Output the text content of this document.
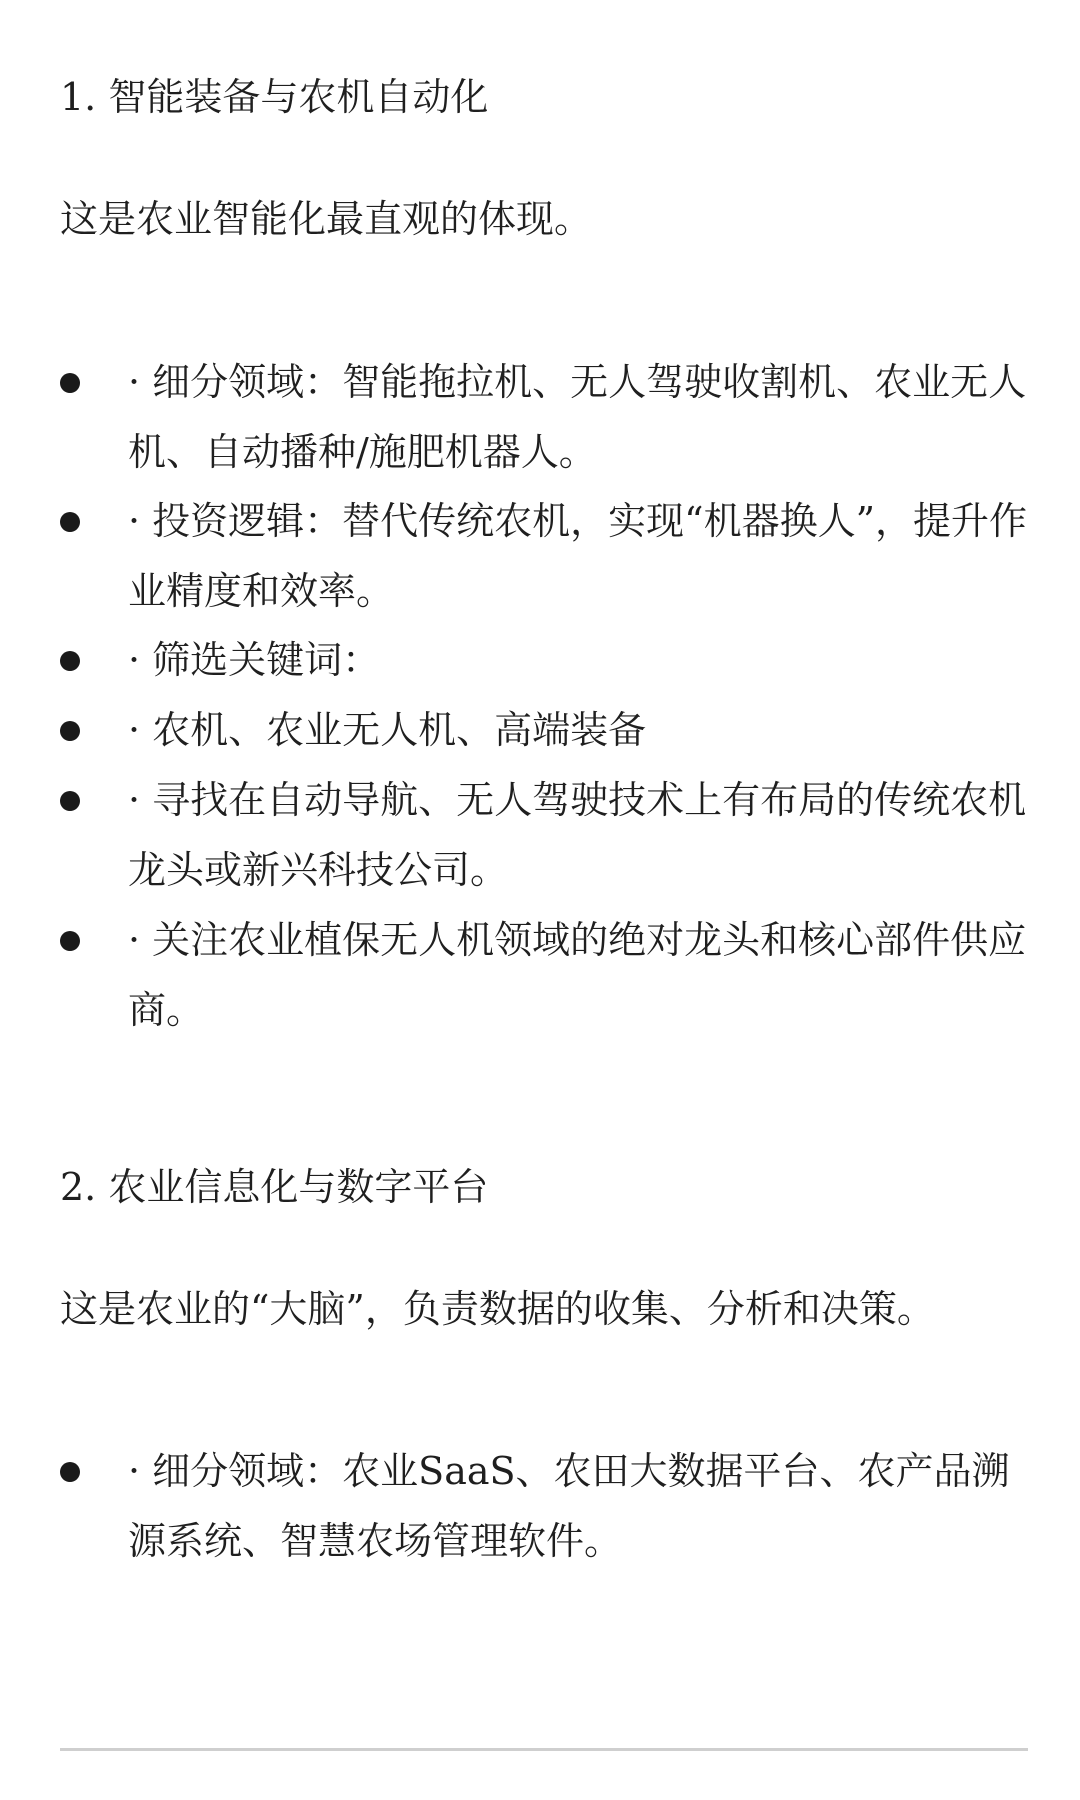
1. 智能装备与农机自动化

这是农业智能化最直观的体现。

· 细分领域：智能拖拉机、无人驾驶收割机、农业无人机、自动播种/施肥机器人。

· 投资逻辑：替代传统农机，实现“机器换人”，提升作业精度和效率。

· 筛选关键词：

· 农机、农业无人机、高端装备

· 寻找在自动导航、无人驾驶技术上有布局的传统农机龙头或新兴科技公司。

· 关注农业植保无人机领域的绝对龙头和核心部件供应商。

2. 农业信息化与数字平台

这是农业的“大脑”，负责数据的收集、分析和决策。

· 细分领域：农业SaaS、农田大数据平台、农产品溯源系统、智慧农场管理软件。
